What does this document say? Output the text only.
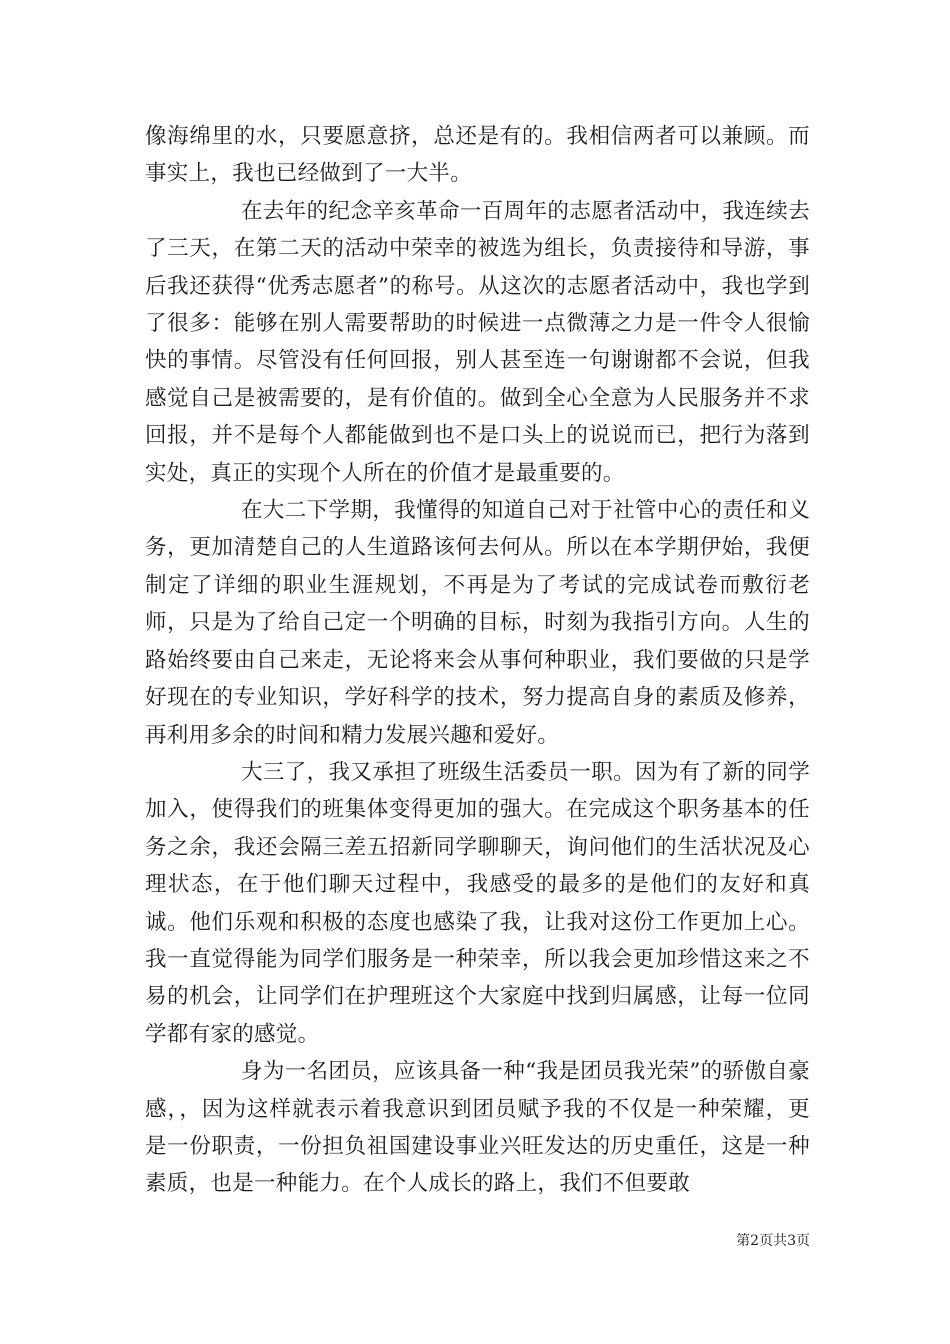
像海绵里的水，只要愿意挤，总还是有的。我相信两者可以兼顾。而事实上，我也已经做到了一大半。

在去年的纪念辛亥革命一百周年的志愿者活动中，我连续去了三天，在第二天的活动中荣幸的被选为组长，负责接待和导游，事后我还获得“优秀志愿者”的称号。从这次的志愿者活动中，我也学到了很多：能够在别人需要帮助的时候进一点微薄之力是一件令人很愉快的事情。尽管没有任何回报，别人甚至连一句谢谢都不会说，但我感觉自己是被需要的，是有价值的。做到全心全意为人民服务并不求回报，并不是每个人都能做到也不是口头上的说说而已，把行为落到实处，真正的实现个人所在的价值才是最重要的。

在大二下学期，我懂得的知道自己对于社管中心的责任和义务，更加清楚自己的人生道路该何去何从。所以在本学期伊始，我便制定了详细的职业生涯规划，不再是为了考试的完成试卷而敷衍老师，只是为了给自己定一个明确的目标，时刻为我指引方向。人生的路始终要由自己来走，无论将来会从事何种职业，我们要做的只是学好现在的专业知识，学好科学的技术，努力提高自身的素质及修养，再利用多余的时间和精力发展兴趣和爱好。

大三了，我又承担了班级生活委员一职。因为有了新的同学加入，使得我们的班集体变得更加的强大。在完成这个职务基本的任务之余，我还会隔三差五招新同学聊聊天，询问他们的生活状况及心理状态，在于他们聊天过程中，我感受的最多的是他们的友好和真诚。他们乐观和积极的态度也感染了我，让我对这份工作更加上心。我一直觉得能为同学们服务是一种荣幸，所以我会更加珍惜这来之不易的机会，让同学们在护理班这个大家庭中找到归属感，让每一位同学都有家的感觉。

身为一名团员，应该具备一种“我是团员我光荣”的骄傲自豪感，，因为这样就表示着我意识到团员赋予我的不仅是一种荣耀，更是一份职责，一份担负祖国建设事业兴旺发达的历史重任，这是一种素质，也是一种能力。在个人成长的路上，我们不但要敢

第2页共3页
